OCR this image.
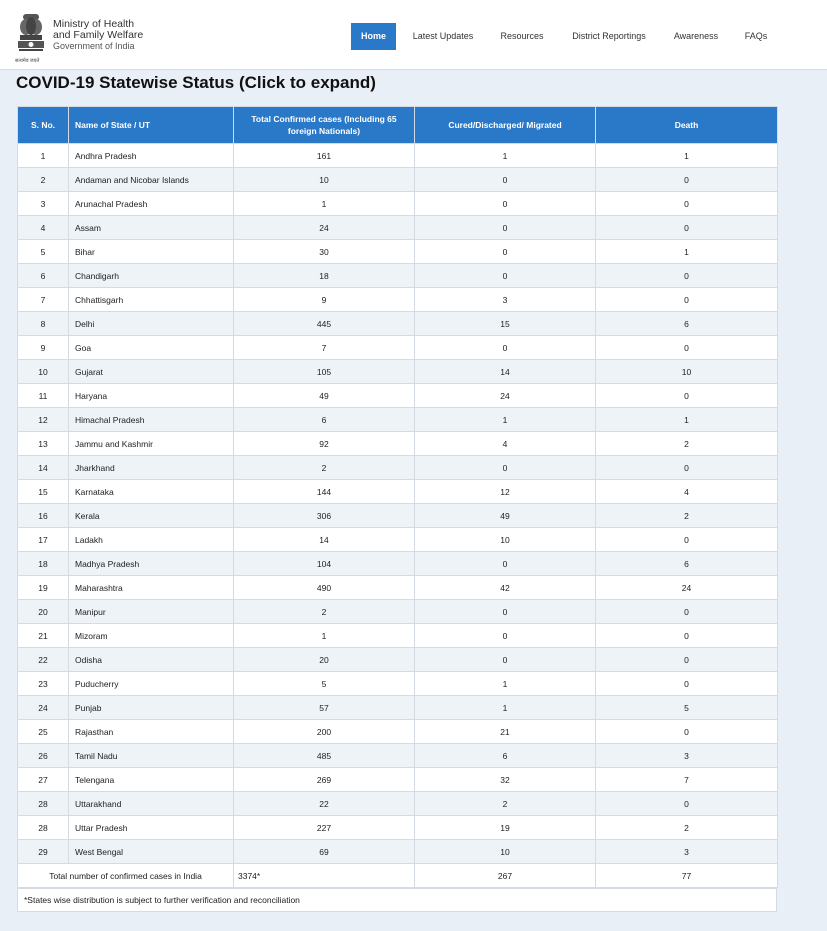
सत्यमेव जयते
Ministry of Health
and Family Welfare
Government of India
Home	Latest Updates	Resources	District Reportings	Awareness	FAQs
COVID-19 Statewise Status (Click to expand)
S. No.	Name of State / UT	Total Confirmed cases (Including 65 foreign Nationals)	Cured/Discharged/ Migrated	Death
1	Andhra Pradesh	161	1	1
2	Andaman and Nicobar Islands	10	0	0
3	Arunachal Pradesh	1	0	0
4	Assam	24	0	0
5	Bihar	30	0	1
6	Chandigarh	18	0	0
7	Chhattisgarh	9	3	0
8	Delhi	445	15	6
9	Goa	7	0	0
10	Gujarat	105	14	10
11	Haryana	49	24	0
12	Himachal Pradesh	6	1	1
13	Jammu and Kashmir	92	4	2
14	Jharkhand	2	0	0
15	Karnataka	144	12	4
16	Kerala	306	49	2
17	Ladakh	14	10	0
18	Madhya Pradesh	104	0	6
19	Maharashtra	490	42	24
20	Manipur	2	0	0
21	Mizoram	1	0	0
22	Odisha	20	0	0
23	Puducherry	5	1	0
24	Punjab	57	1	5
25	Rajasthan	200	21	0
26	Tamil Nadu	485	6	3
27	Telengana	269	32	7
28	Uttarakhand	22	2	0
28	Uttar Pradesh	227	19	2
29	West Bengal	69	10	3
Total number of confirmed cases in India		3374*	267	77
*States wise distribution is subject to further verification and reconciliation
